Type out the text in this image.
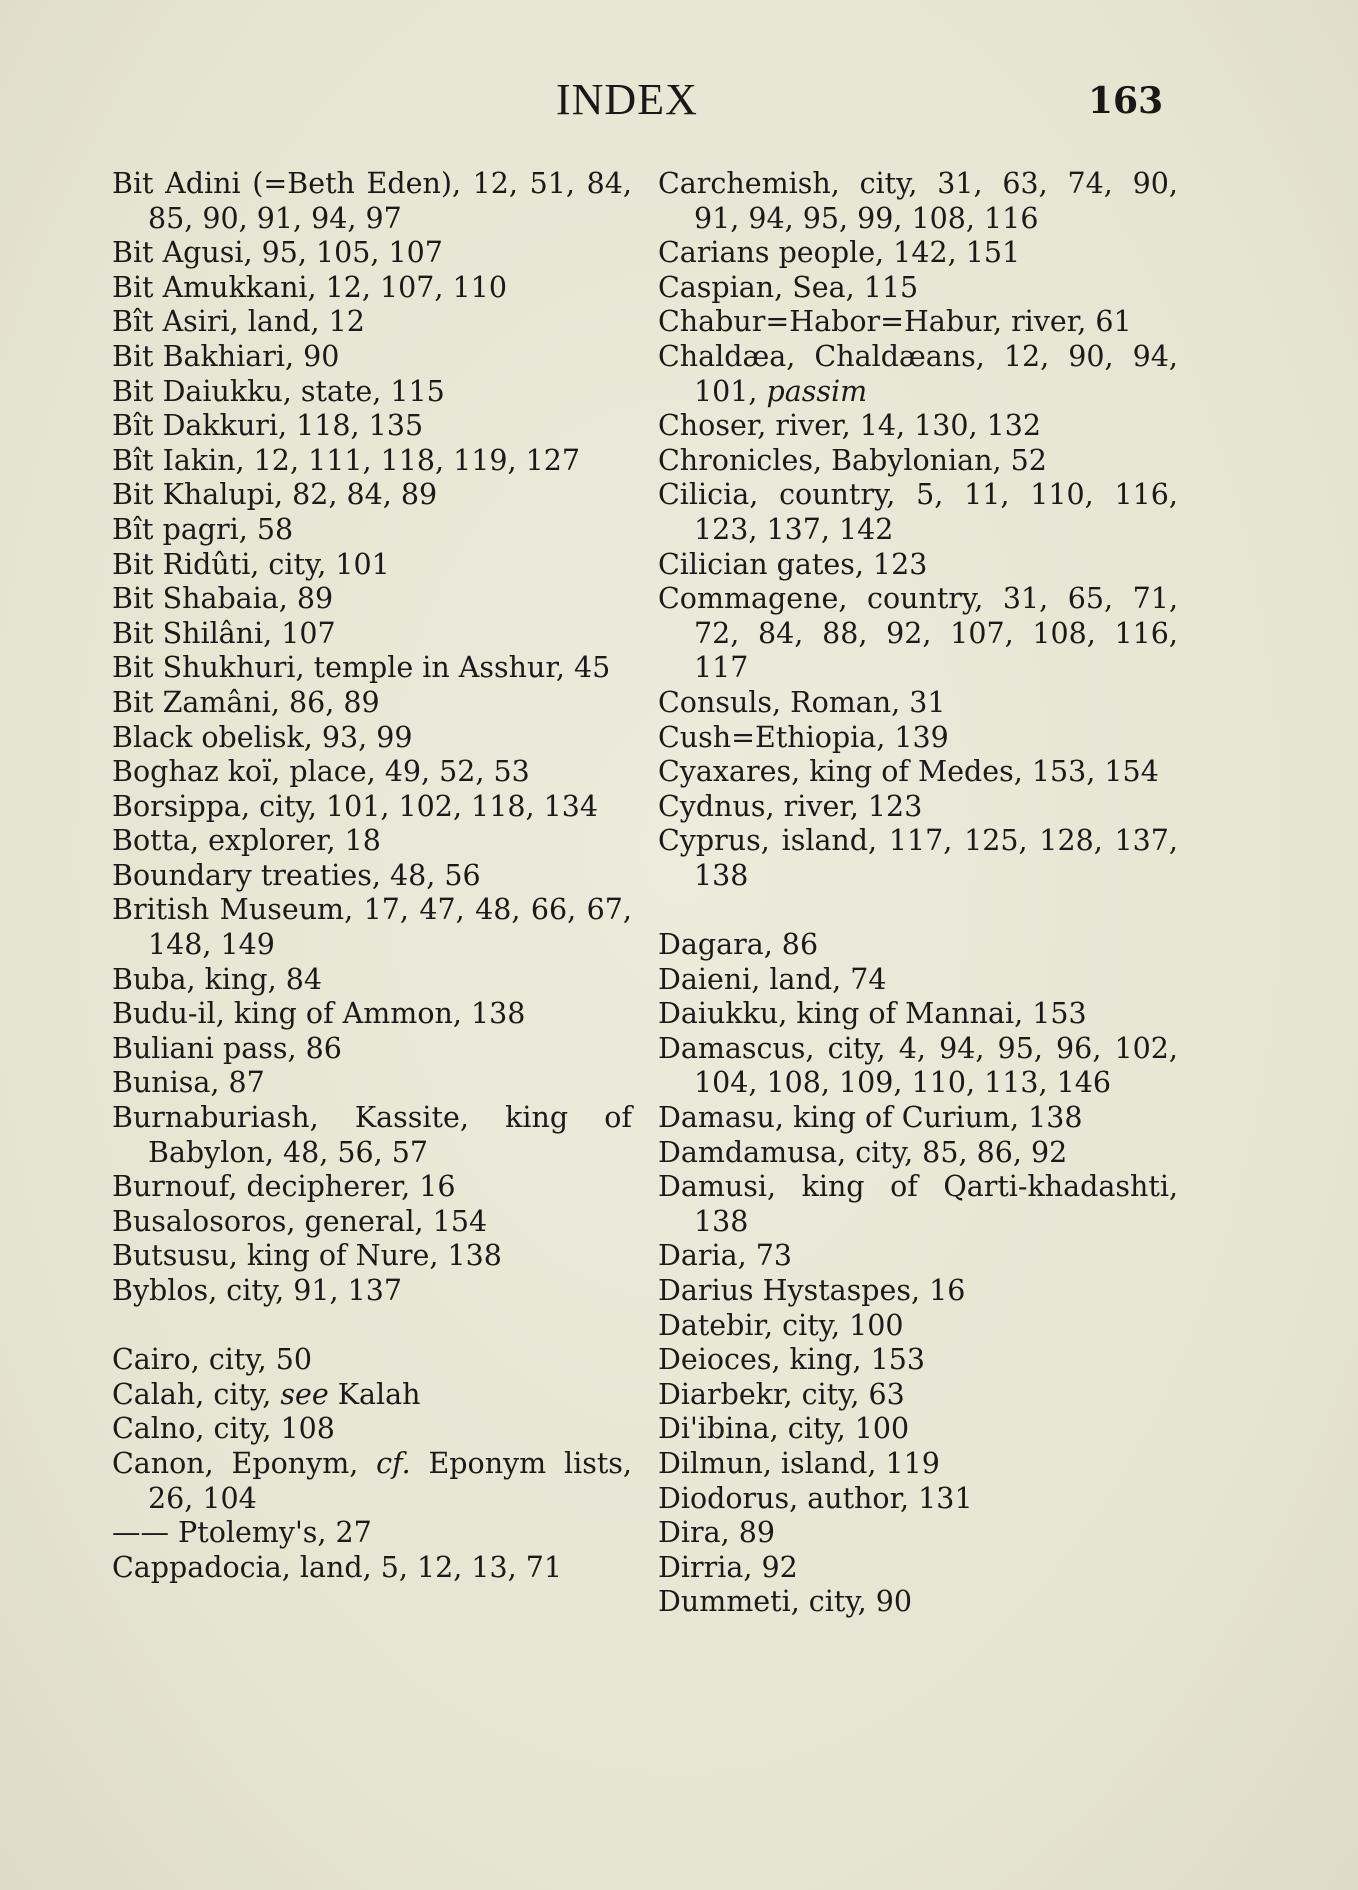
INDEX	163
Bit Adini (=Beth Eden), 12, 51, 84, 85, 90, 91, 94, 97
Bit Agusi, 95, 105, 107
Bit Amukkani, 12, 107, 110
Bît Asiri, land, 12
Bit Bakhiari, 90
Bit Daiukku, state, 115
Bît Dakkuri, 118, 135
Bît Iakin, 12, 111, 118, 119, 127
Bit Khalupi, 82, 84, 89
Bît pagri, 58
Bit Ridûti, city, 101
Bit Shabaia, 89
Bit Shilâni, 107
Bit Shukhuri, temple in Asshur, 45
Bit Zamâni, 86, 89
Black obelisk, 93, 99
Boghaz koï, place, 49, 52, 53
Borsippa, city, 101, 102, 118, 134
Botta, explorer, 18
Boundary treaties, 48, 56
British Museum, 17, 47, 48, 66, 67, 148, 149
Buba, king, 84
Budu-il, king of Ammon, 138
Buliani pass, 86
Bunisa, 87
Burnaburiash, Kassite, king of Babylon, 48, 56, 57
Burnouf, decipherer, 16
Busalosoros, general, 154
Butsusu, king of Nure, 138
Byblos, city, 91, 137
Cairo, city, 50
Calah, city, see Kalah
Calno, city, 108
Canon, Eponym, cf. Eponym lists, 26, 104
—— Ptolemy's, 27
Cappadocia, land, 5, 12, 13, 71
Carchemish, city, 31, 63, 74, 90, 91, 94, 95, 99, 108, 116
Carians people, 142, 151
Caspian, Sea, 115
Chabur=Habor=Habur, river, 61
Chaldæa, Chaldæans, 12, 90, 94, 101, passim
Choser, river, 14, 130, 132
Chronicles, Babylonian, 52
Cilicia, country, 5, 11, 110, 116, 123, 137, 142
Cilician gates, 123
Commagene, country, 31, 65, 71, 72, 84, 88, 92, 107, 108, 116, 117
Consuls, Roman, 31
Cush=Ethiopia, 139
Cyaxares, king of Medes, 153, 154
Cydnus, river, 123
Cyprus, island, 117, 125, 128, 137, 138
Dagara, 86
Daieni, land, 74
Daiukku, king of Mannai, 153
Damascus, city, 4, 94, 95, 96, 102, 104, 108, 109, 110, 113, 146
Damasu, king of Curium, 138
Damdamusa, city, 85, 86, 92
Damusi, king of Qarti-khadashti, 138
Daria, 73
Darius Hystaspes, 16
Datebir, city, 100
Deioces, king, 153
Diarbekr, city, 63
Di'ibina, city, 100
Dilmun, island, 119
Diodorus, author, 131
Dira, 89
Dirria, 92
Dummeti, city, 90
